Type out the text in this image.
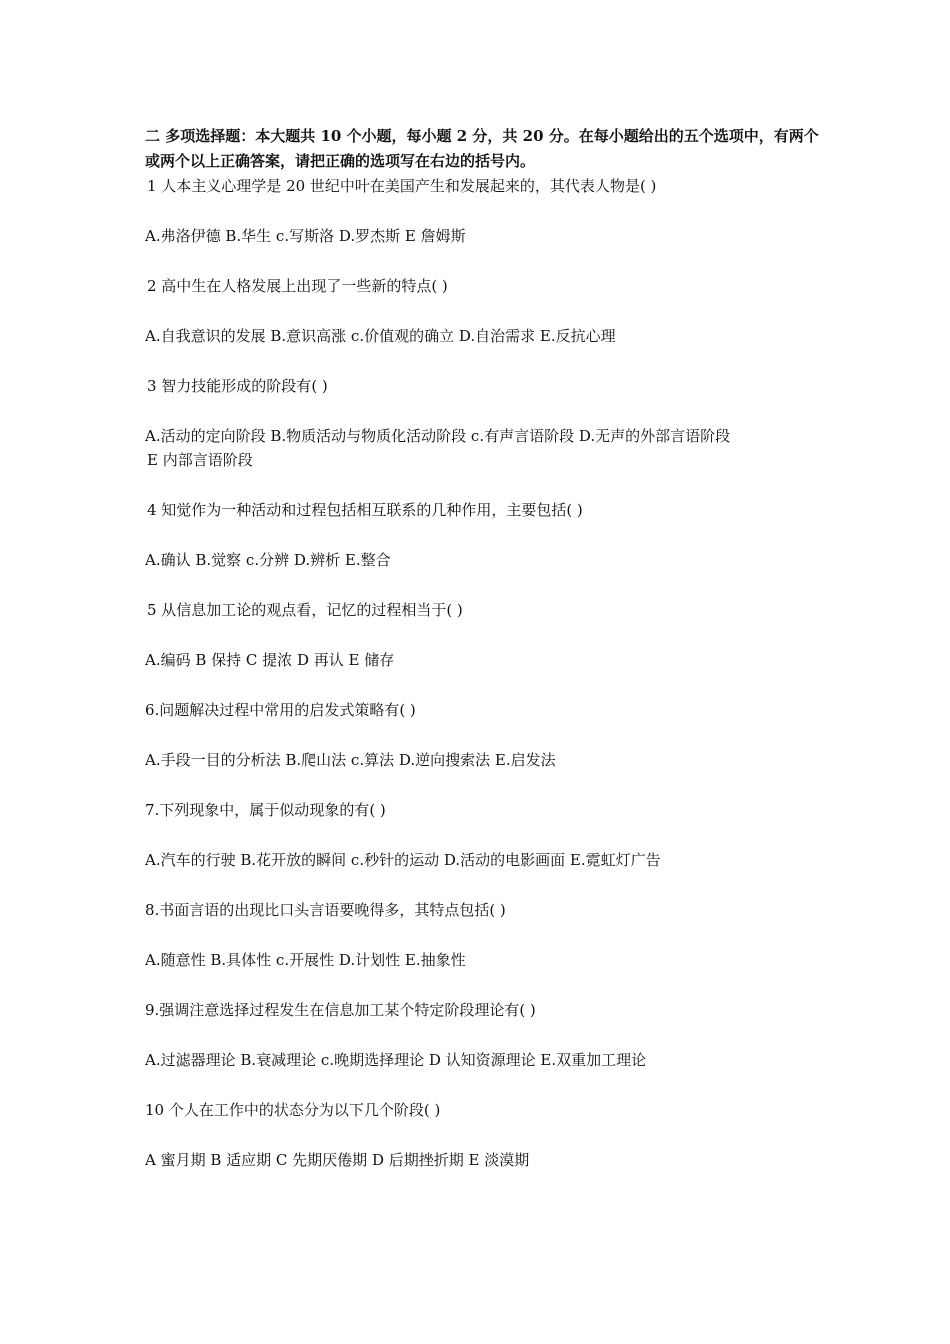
二 多项选择题：本大题共 10 个小题，每小题 2 分，共 20 分。在每小题给出的五个选项中，有两个或两个以上正确答案，请把正确的选项写在右边的括号内。

1 人本主义心理学是 20 世纪中叶在美国产生和发展起来的，其代表人物是( )

A.弗洛伊德 B.华生 c.写斯洛 D.罗杰斯 E 詹姆斯

2 高中生在人格发展上出现了一些新的特点( )

A.自我意识的发展 B.意识高涨 c.价值观的确立 D.自治需求 E.反抗心理

3 智力技能形成的阶段有( )

A.活动的定向阶段 B.物质活动与物质化活动阶段 c.有声言语阶段 D.无声的外部言语阶段
E 内部言语阶段

4 知觉作为一种活动和过程包括相互联系的几种作用，主要包括( )

A.确认 B.觉察 c.分辨 D.辨析 E.整合

5 从信息加工论的观点看，记忆的过程相当于( )

A.编码 B 保持 C 提浓 D 再认 E 储存

6.问题解决过程中常用的启发式策略有( )

A.手段一目的分析法 B.爬山法 c.算法 D.逆向搜索法 E.启发法

7.下列现象中，属于似动现象的有( )

A.汽车的行驶 B.花开放的瞬间 c.秒针的运动 D.活动的电影画面 E.霓虹灯广告

8.书面言语的出现比口头言语要晚得多，其特点包括( )

A.随意性 B.具体性 c.开展性 D.计划性 E.抽象性

9.强调注意选择过程发生在信息加工某个特定阶段理论有( )

A.过滤器理论 B.衰减理论 c.晚期选择理论 D 认知资源理论 E.双重加工理论

10 个人在工作中的状态分为以下几个阶段( )

A 蜜月期 B 适应期 C 先期厌倦期 D 后期挫折期 E 淡漠期
